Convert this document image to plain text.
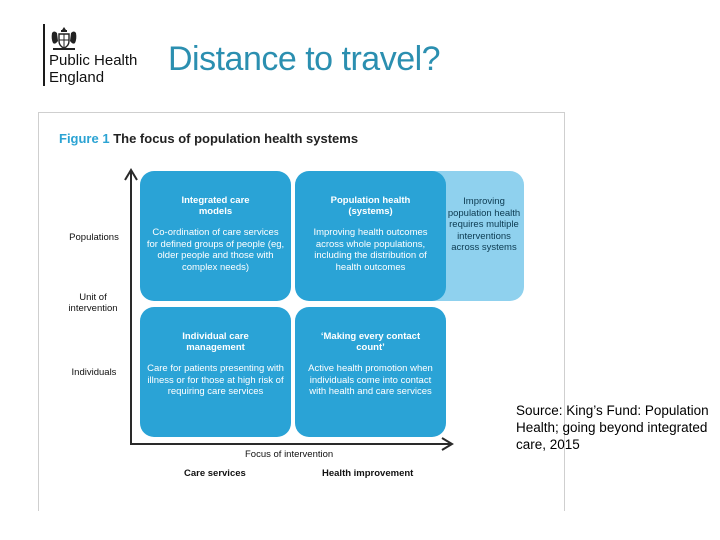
Public Health
England	Distance to travel?
Figure 1 The focus of population health systems
Improving population health requires multiple interventions across systems
Integrated care
models
Co-ordination of care services for defined groups of people (eg, older people and those with complex needs)
Population health
(systems)
Improving health outcomes across whole populations, including the distribution of health outcomes
Individual care
management
Care for patients presenting with illness or for those at high risk of requiring care services
‘Making every contact
count’
Active health promotion when individuals come into contact with health and care services
Populations
Unit of
intervention
Individuals
Focus of intervention
Care services	Health improvement
Source: King’s Fund: Population Health; going beyond integrated care, 2015
